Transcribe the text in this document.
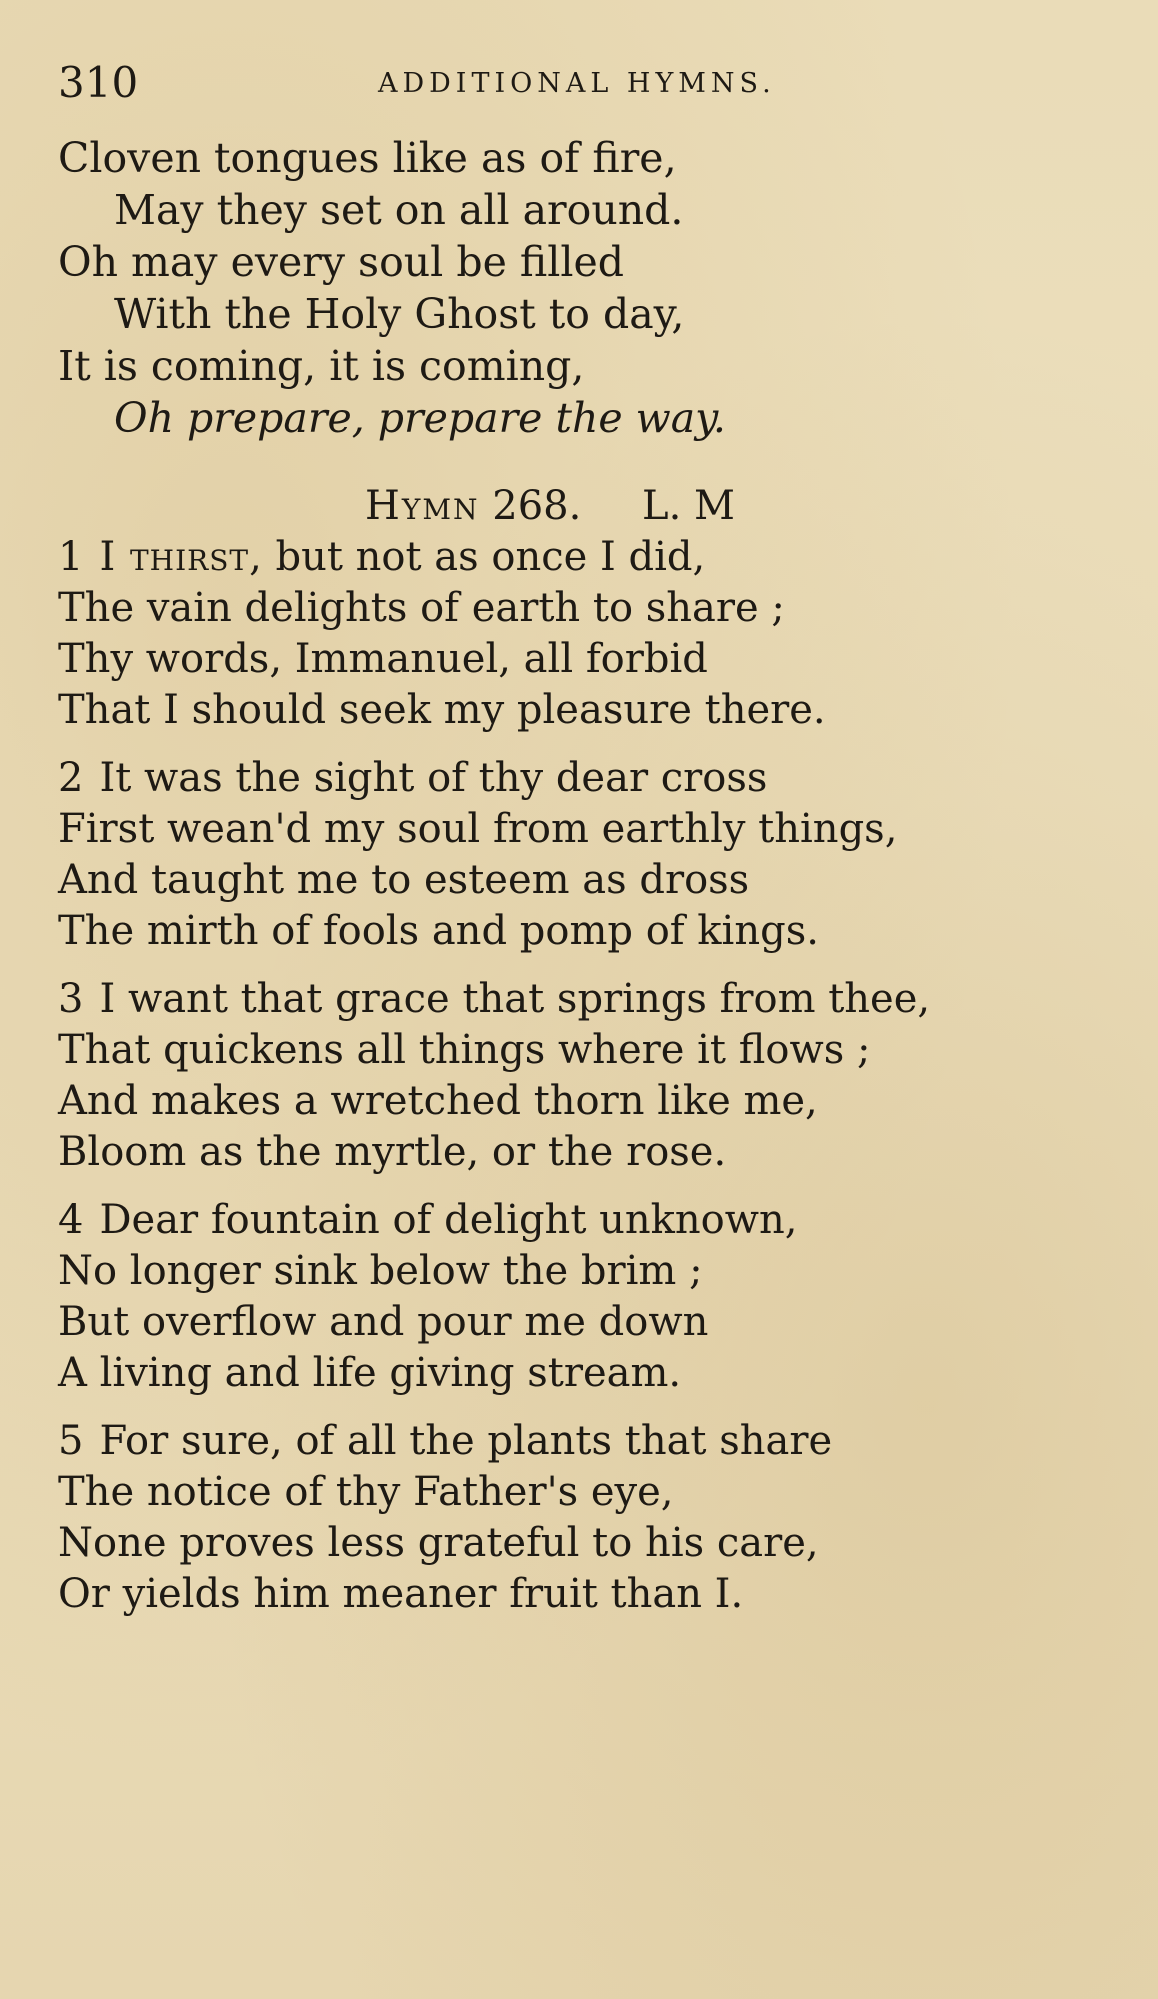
310	ADDITIONAL HYMNS.
Cloven tongues like as of fire,
May they set on all around.
Oh may every soul be filled
With the Holy Ghost to day,
It is coming, it is coming,
Oh prepare, prepare the way.
Hymn 268. L. M
1 I thirst, but not as once I did,
The vain delights of earth to share ;
Thy words, Immanuel, all forbid
That I should seek my pleasure there.
2 It was the sight of thy dear cross
First wean'd my soul from earthly things,
And taught me to esteem as dross
The mirth of fools and pomp of kings.
3 I want that grace that springs from thee,
That quickens all things where it flows ;
And makes a wretched thorn like me,
Bloom as the myrtle, or the rose.
4 Dear fountain of delight unknown,
No longer sink below the brim ;
But overflow and pour me down
A living and life giving stream.
5 For sure, of all the plants that share
The notice of thy Father's eye,
None proves less grateful to his care,
Or yields him meaner fruit than I.
